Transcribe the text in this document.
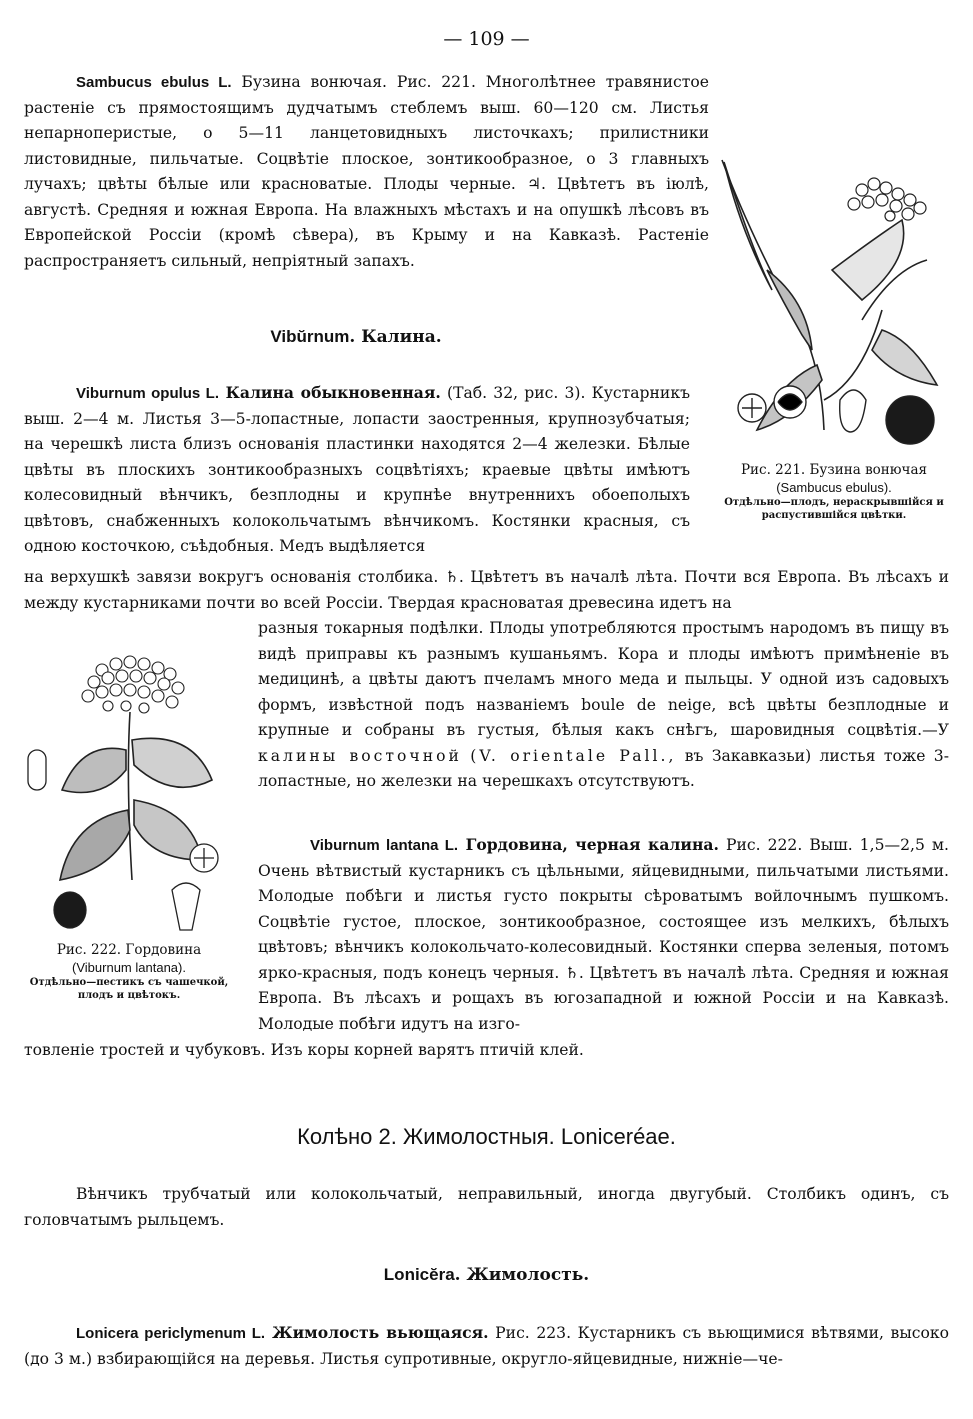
— 109 —

Sambucus ebulus L. Бузина вонючая. Рис. 221. Многолѣтнее травянистое растеніе съ прямостоящимъ дудчатымъ стеблемъ выш. 60—120 см. Листья непарноперистые, о 5—11 ланцетовидныхъ листочкахъ; прилистники листовидные, пильчатые. Соцвѣтіе плоское, зонтикообразное, о 3 главныхъ лучахъ; цвѣты бѣлые или красноватые. Плоды черные. ♃. Цвѣтетъ въ іюлѣ, августѣ. Средняя и южная Европа. На влажныхъ мѣстахъ и на опушкѣ лѣсовъ въ Европейской Россіи (кромѣ сѣвера), въ Крыму и на Кавказѣ. Растеніе распространяетъ сильный, непріятный запахъ.

Рис. 221. Бузина вонючая
(Sambucus ebulus).
Отдѣльно—плодъ, нераскрывшійся и распустившійся цвѣтки.
Vibŭrnum. Калина.

Viburnum opulus L. Калина обыкновенная. (Таб. 32, рис. 3). Кустарникъ выш. 2—4 м. Листья 3—5-лопастные, лопасти заостренныя, крупнозубчатыя; на черешкѣ листа близъ основанія пластинки находятся 2—4 железки. Бѣлые цвѣты въ плоскихъ зонтикообразныхъ соцвѣтіяхъ; краевые цвѣты имѣютъ колесовидный вѣнчикъ, безплодны и крупнѣе внутреннихъ обоеполыхъ цвѣтовъ, снабженныхъ колокольчатымъ вѣнчикомъ. Костянки красныя, съ одною косточкою, съѣдобныя. Медъ выдѣляется

на верхушкѣ завязи вокругъ основанія столбика. ♄. Цвѣтетъ въ началѣ лѣта. Почти вся Европа. Въ лѣсахъ и между кустарниками почти во всей Россіи. Твердая красноватая древесина идетъ на

Рис. 222. Гордовина
(Viburnum lantana).
Отдѣльно—пестикъ съ чашечкой, плодъ и цвѣтокъ.

разныя токарныя подѣлки. Плоды употребляются простымъ народомъ въ пищу въ видѣ приправы къ разнымъ кушаньямъ. Кора и плоды имѣютъ примѣненіе въ медицинѣ, а цвѣты даютъ пчеламъ много меда и пыльцы. У одной изъ садовыхъ формъ, извѣстной подъ названіемъ boule de neige, всѣ цвѣты безплодные и крупные и собраны въ густыя, бѣлыя какъ снѣгъ, шаровидныя соцвѣтія.—У калины восточной (V. orientale Pall., въ Закавказьи) листья тоже 3-лопастные, но железки на черешкахъ отсутствуютъ.

Viburnum lantana L. Гордовина, черная калина. Рис. 222. Выш. 1,5—2,5 м. Очень вѣтвистый кустарникъ съ цѣльными, яйцевидными, пильчатыми листьями. Молодые побѣги и листья густо покрыты сѣроватымъ войлочнымъ пушкомъ. Соцвѣтіе густое, плоское, зонтикообразное, состоящее изъ мелкихъ, бѣлыхъ цвѣтовъ; вѣнчикъ колокольчато-колесовидный. Костянки сперва зеленыя, потомъ ярко-красныя, подъ конецъ черныя. ♄. Цвѣтетъ въ началѣ лѣта. Средняя и южная Европа. Въ лѣсахъ и рощахъ въ югозападной и южной Россіи и на Кавказѣ. Молодые побѣги идутъ на изго-

товленіе тростей и чубуковъ. Изъ коры корней варятъ птичій клей.

Колѣно 2. Жимолостныя. Loniceréae.

Вѣнчикъ трубчатый или колокольчатый, неправильный, иногда двугубый. Столбикъ одинъ, съ головчатымъ рыльцемъ.

Lonicĕra. Жимолость.

Lonicera periclymenum L. Жимолость вьющаяся. Рис. 223. Кустарникъ съ вьющимися вѣтвями, высоко (до 3 м.) взбирающійся на деревья. Листья супротивные, округло-яйцевидные, нижніе—че-
